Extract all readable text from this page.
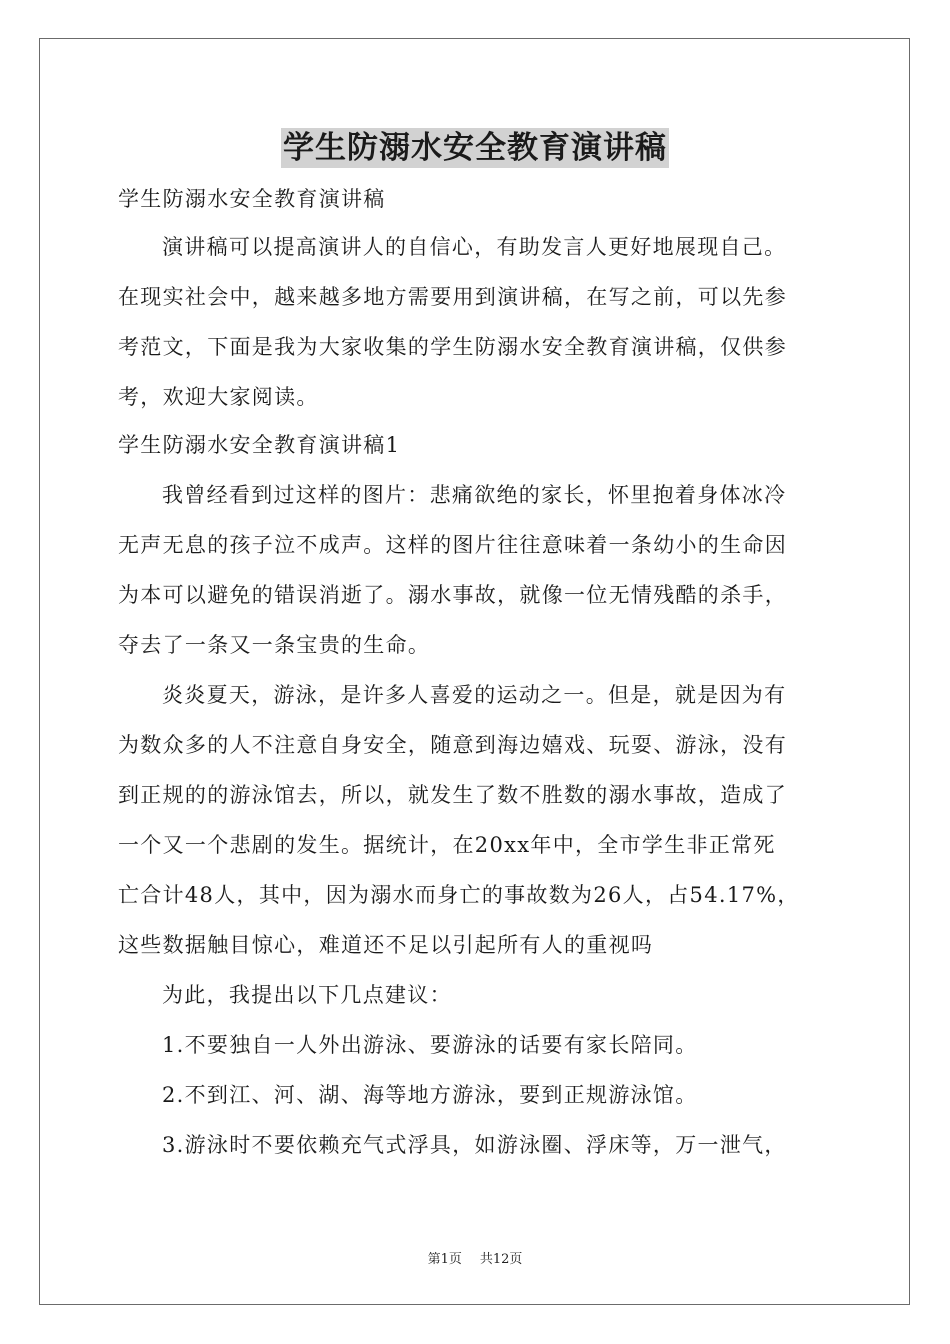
学生防溺水安全教育演讲稿
学生防溺水安全教育演讲稿
演讲稿可以提高演讲人的自信心，有助发言人更好地展现自己。
在现实社会中，越来越多地方需要用到演讲稿，在写之前，可以先参
考范文，下面是我为大家收集的学生防溺水安全教育演讲稿，仅供参
考，欢迎大家阅读。
学生防溺水安全教育演讲稿1
我曾经看到过这样的图片：悲痛欲绝的家长，怀里抱着身体冰冷
无声无息的孩子泣不成声。这样的图片往往意味着一条幼小的生命因
为本可以避免的错误消逝了。溺水事故，就像一位无情残酷的杀手，
夺去了一条又一条宝贵的生命。
炎炎夏天，游泳，是许多人喜爱的运动之一。但是，就是因为有
为数众多的人不注意自身安全，随意到海边嬉戏、玩耍、游泳，没有
到正规的的游泳馆去，所以，就发生了数不胜数的溺水事故，造成了
一个又一个悲剧的发生。据统计，在20xx年中，全市学生非正常死
亡合计48人，其中，因为溺水而身亡的事故数为26人，占54.17%，
这些数据触目惊心，难道还不足以引起所有人的重视吗
为此，我提出以下几点建议：
1.不要独自一人外出游泳、要游泳的话要有家长陪同。
2.不到江、河、湖、海等地方游泳，要到正规游泳馆。
3.游泳时不要依赖充气式浮具，如游泳圈、浮床等，万一泄气，
第1页 共12页
